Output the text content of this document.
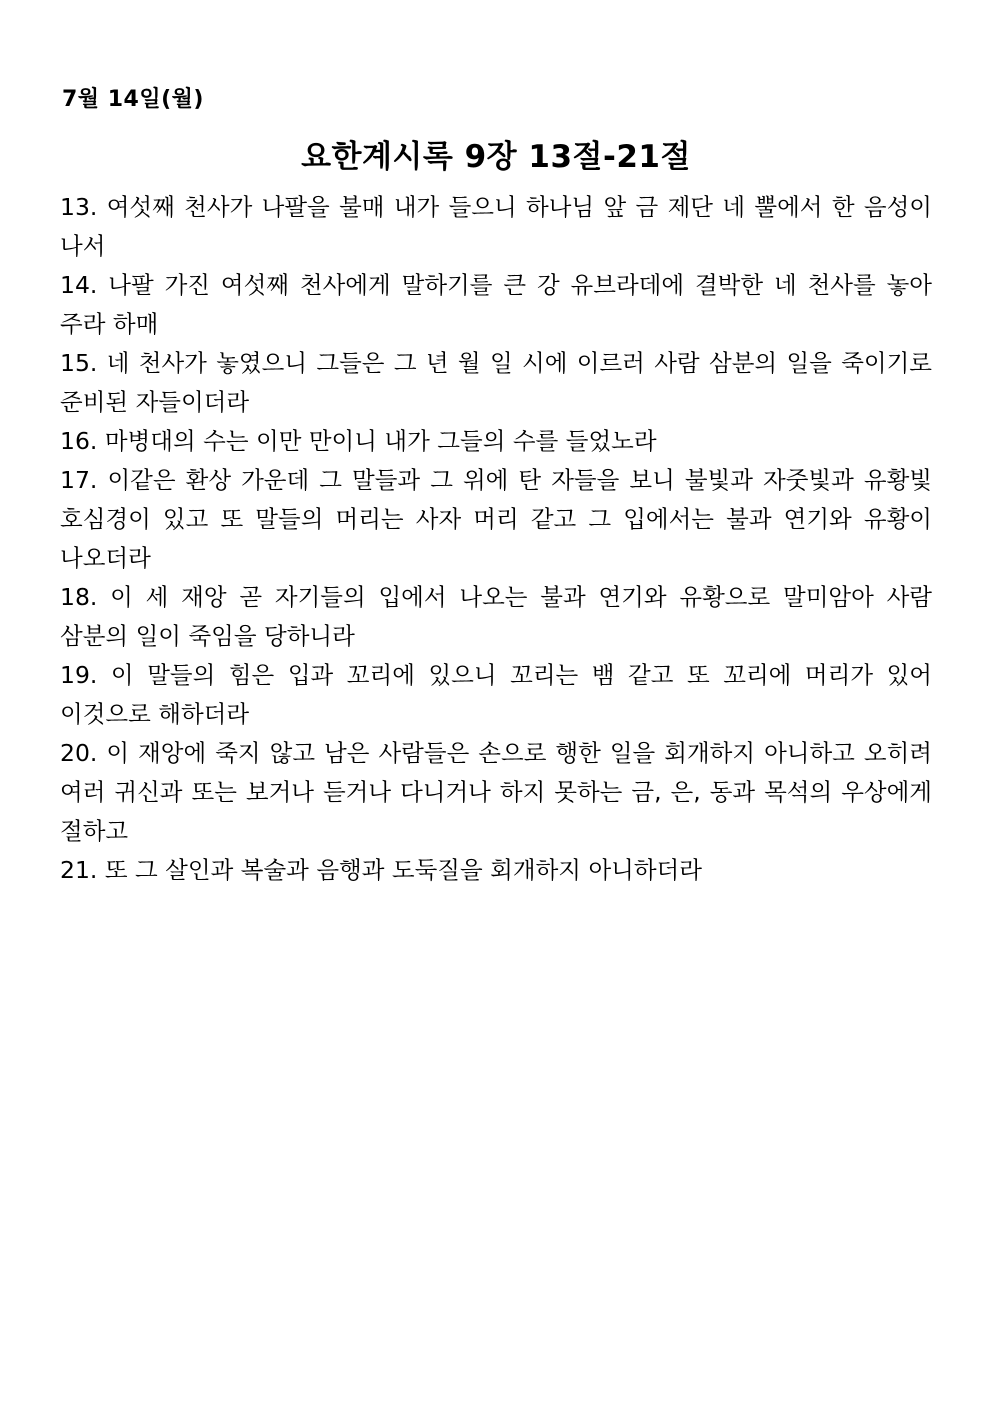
7월 14일(월)
요한계시록 9장 13절-21절

13. 여섯째 천사가 나팔을 불매 내가 들으니 하나님 앞 금 제단 네 뿔에서 한 음성이 나서

14. 나팔 가진 여섯째 천사에게 말하기를 큰 강 유브라데에 결박한 네 천사를 놓아 주라 하매

15. 네 천사가 놓였으니 그들은 그 년 월 일 시에 이르러 사람 삼분의 일을 죽이기로 준비된 자들이더라

16. 마병대의 수는 이만 만이니 내가 그들의 수를 들었노라

17. 이같은 환상 가운데 그 말들과 그 위에 탄 자들을 보니 불빛과 자줏빛과 유황빛 호심경이 있고 또 말들의 머리는 사자 머리 같고 그 입에서는 불과 연기와 유황이 나오더라

18. 이 세 재앙 곧 자기들의 입에서 나오는 불과 연기와 유황으로 말미암아 사람 삼분의 일이 죽임을 당하니라

19. 이 말들의 힘은 입과 꼬리에 있으니 꼬리는 뱀 같고 또 꼬리에 머리가 있어 이것으로 해하더라

20. 이 재앙에 죽지 않고 남은 사람들은 손으로 행한 일을 회개하지 아니하고 오히려 여러 귀신과 또는 보거나 듣거나 다니거나 하지 못하는 금, 은, 동과 목석의 우상에게 절하고

21. 또 그 살인과 복술과 음행과 도둑질을 회개하지 아니하더라
